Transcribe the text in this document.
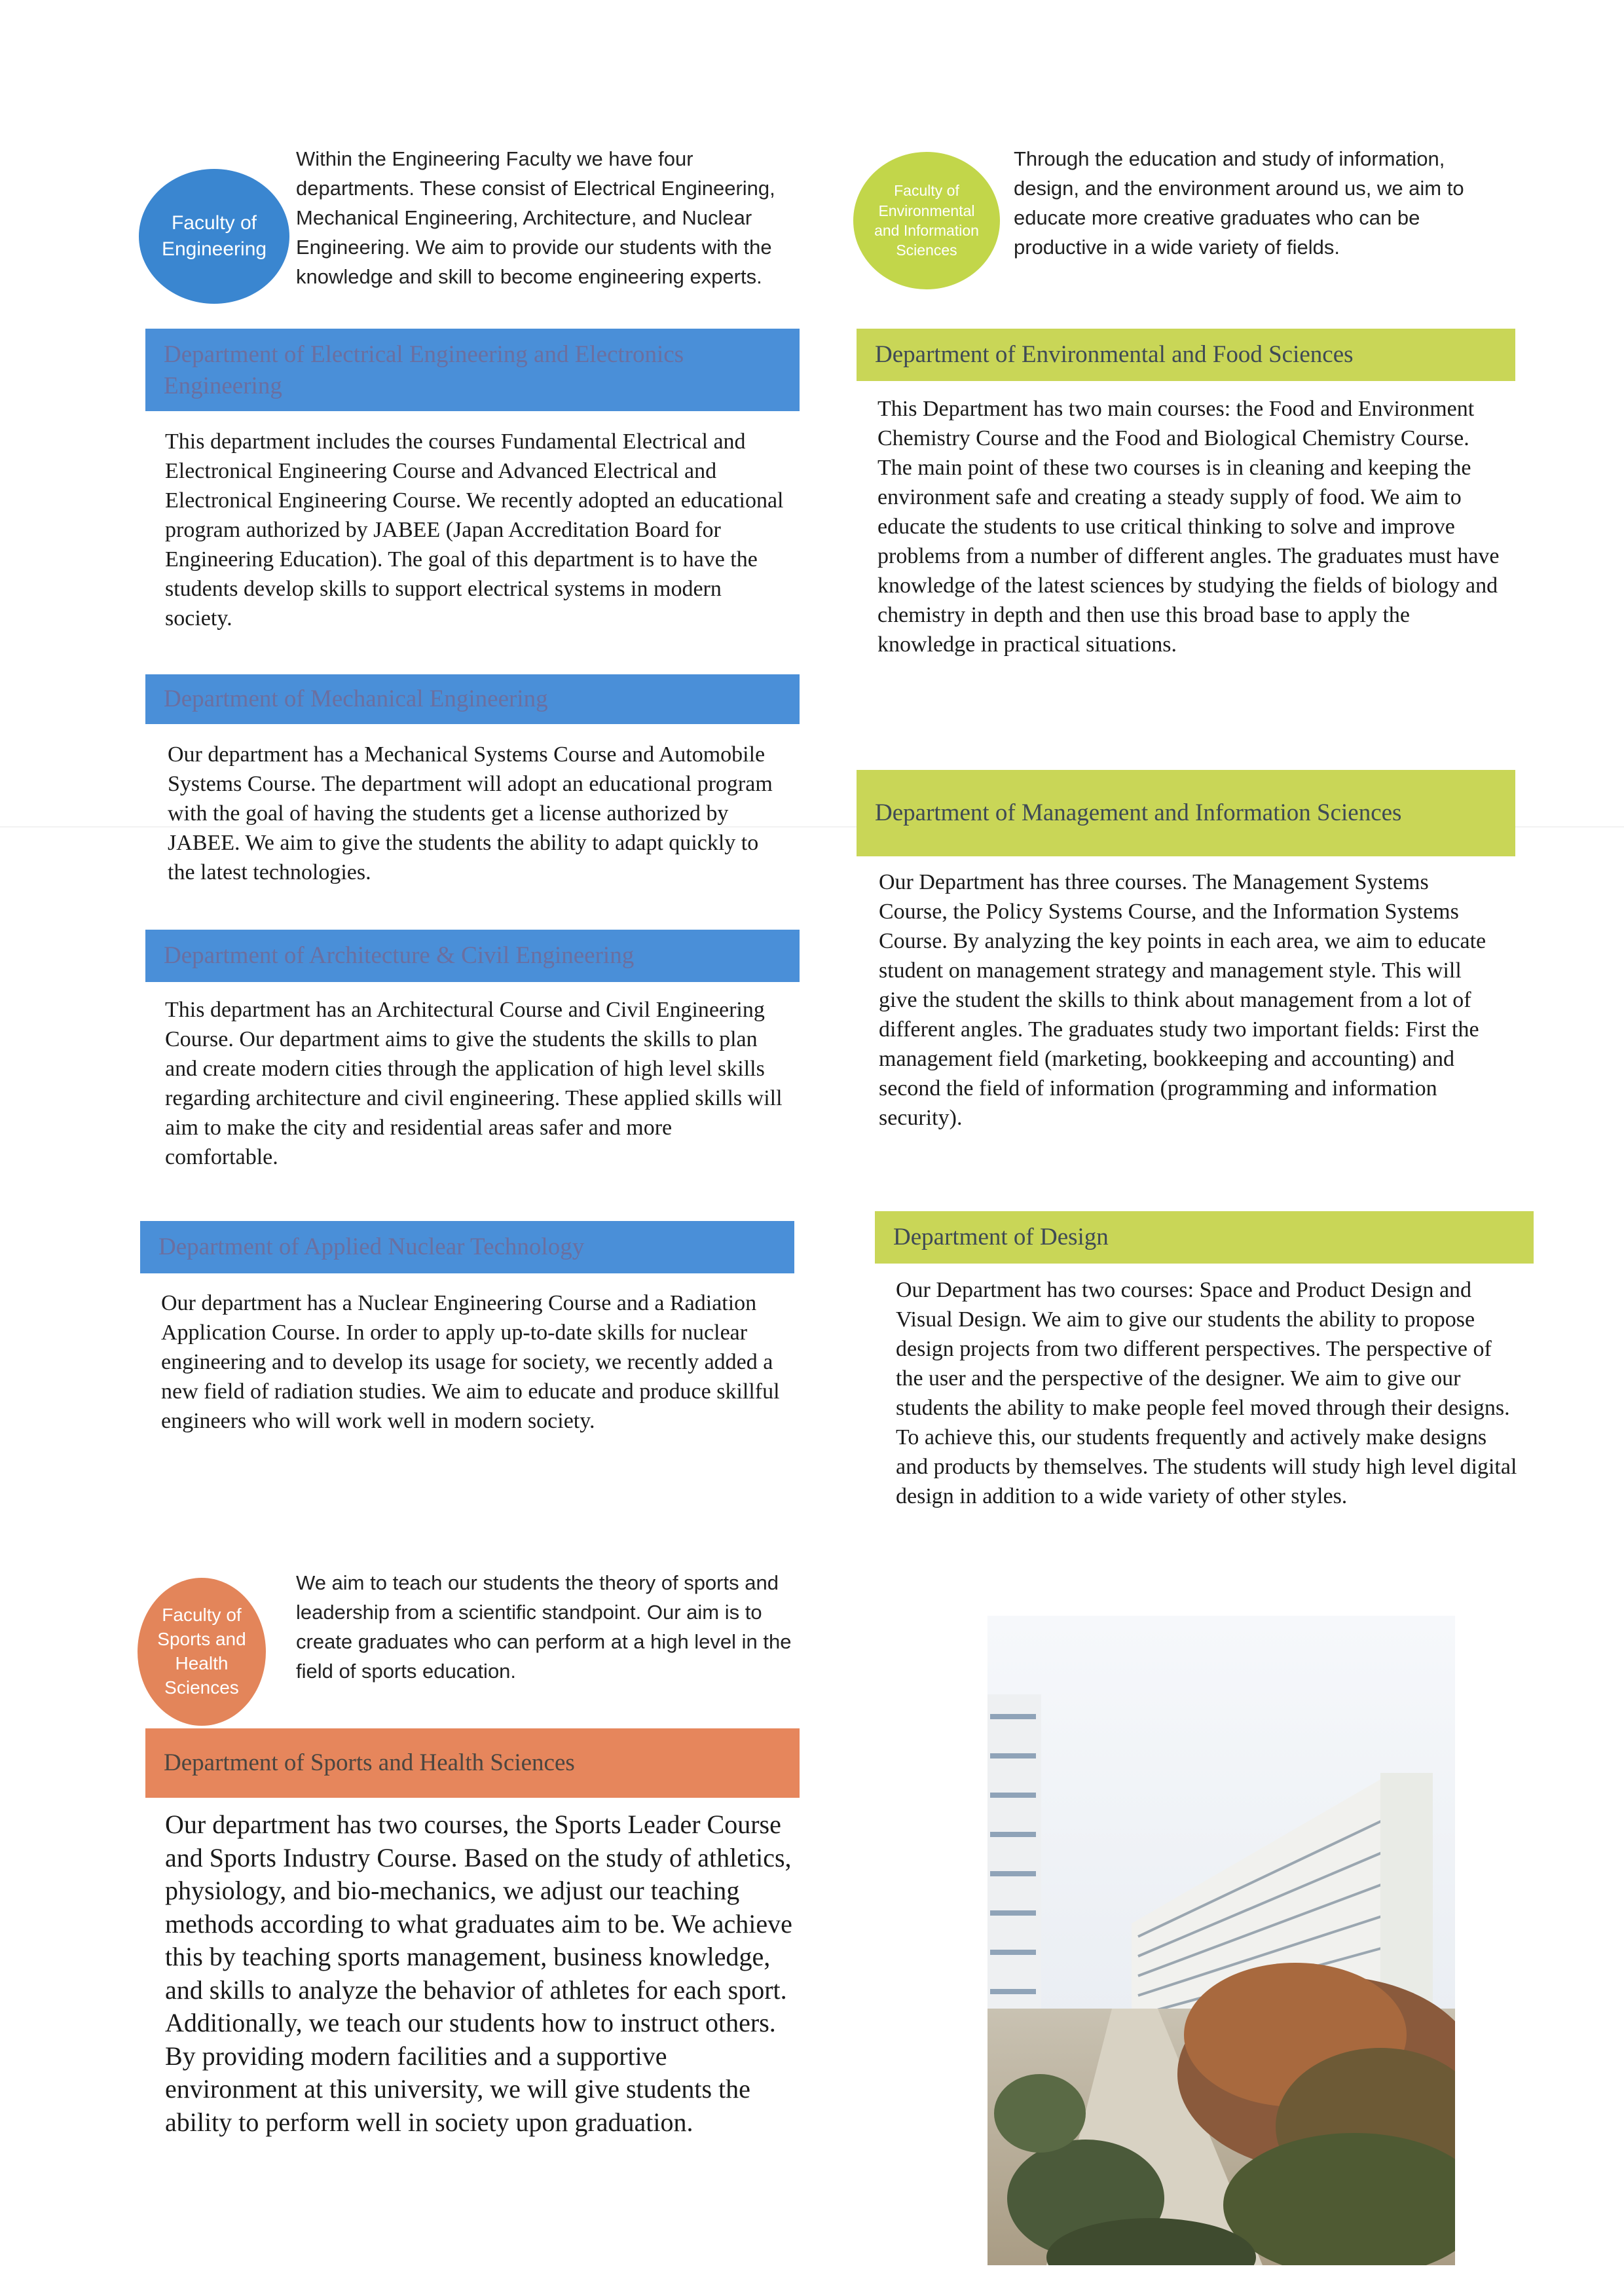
Faculty of
Engineering
Within the Engineering Faculty we have four departments. These consist of Electrical Engineering, Mechanical Engineering, Architecture, and Nuclear Engineering. We aim to provide our students with the knowledge and skill to become engineering experts.
Department of Electrical Engineering and Electronics Engineering
This department includes the courses Fundamental Electrical and Electronical Engineering Course and Advanced Electrical and Electronical Engineering Course. We recently adopted an educational program authorized by JABEE (Japan Accreditation Board for Engineering Education). The goal of this department is to have the students develop skills to support electrical systems in modern society.
Department of Mechanical Engineering
Our department has a Mechanical Systems Course and Automobile Systems Course. The department will adopt an educational program with the goal of having the students get a license authorized by JABEE. We aim to give the students the ability to adapt quickly to the latest technologies.
Department of Architecture & Civil Engineering
This department has an Architectural Course and Civil Engineering Course. Our department aims to give the students the skills to plan and create modern cities through the application of high level skills regarding architecture and civil engineering. These applied skills will aim to make the city and residential areas safer and more comfortable.
Department of Applied Nuclear Technology
Our department has a Nuclear Engineering Course and a Radiation Application Course. In order to apply up-to-date skills for nuclear engineering and to develop its usage for society, we recently added a new field of radiation studies. We aim to educate and produce skillful engineers who will work well in modern society.
Faculty of
Sports and
Health
Sciences
We aim to teach our students the theory of sports and leadership from a scientific standpoint. Our aim is to create graduates who can perform at a high level in the field of sports education.
Department of Sports and Health Sciences
Our department has two courses, the Sports Leader Course and Sports Industry Course. Based on the study of athletics, physiology, and bio-mechanics, we adjust our teaching methods according to what graduates aim to be. We achieve this by teaching sports management, business knowledge, and skills to analyze the behavior of athletes for each sport. Additionally, we teach our students how to instruct others. By providing modern facilities and a supportive environment at this university, we will give students the ability to perform well in society upon graduation.
Faculty of
Environmental
and Information
Sciences
Through the education and study of information, design, and the environment around us, we aim to educate more creative graduates who can be productive in a wide variety of fields.
Department of Environmental and Food Sciences
This Department has two main courses: the Food and Environment Chemistry Course and the Food and Biological Chemistry Course. The main point of these two courses is in cleaning and keeping the environment safe and creating a steady supply of food. We aim to educate the students to use critical thinking to solve and improve problems from a number of different angles. The graduates must have knowledge of the latest sciences by studying the fields of biology and chemistry in depth and then use this broad base to apply the knowledge in practical situations.
Department of Management and Information Sciences
Our Department has three courses. The Management Systems Course, the Policy Systems Course, and the Information Systems Course. By analyzing the key points in each area, we aim to educate student on management strategy and management style. This will give the student the skills to think about management from a lot of different angles. The graduates study two important fields: First the management field (marketing, bookkeeping and accounting) and second the field of information (programming and information security).
Department of Design
Our Department has two courses: Space and Product Design and Visual Design. We aim to give our students the ability to propose design projects from two different perspectives. The perspective of the user and the perspective of the designer. We aim to give our students the ability to make people feel moved through their designs. To achieve this, our students frequently and actively make designs and products by themselves. The students will study high level digital design in addition to a wide variety of other styles.
